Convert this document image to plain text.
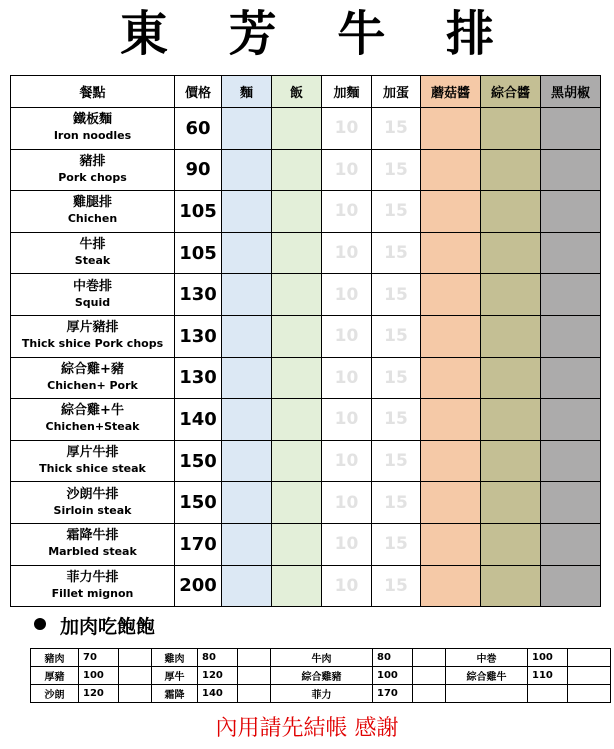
東 芳 牛 排
餐點	價格	麵	飯	加麵	加蛋	蘑菇醬	綜合醬	黑胡椒

鐵板麵
Iron noodles	60			10	15			

豬排
Pork chops	90			10	15			

雞腿排
Chichen	105			10	15			

牛排
Steak	105			10	15			

中巻排
Squid	130			10	15			

厚片豬排
Thick shice Pork chops	130			10	15			

綜合雞+豬
Chichen+ Pork	130			10	15			

綜合雞+牛
Chichen+Steak	140			10	15			

厚片牛排
Thick shice steak	150			10	15			

沙朗牛排
Sirloin steak	150			10	15			

霜降牛排
Marbled steak	170			10	15			

菲力牛排
Fillet mignon	200			10	15			
加肉吃飽飽
豬肉	70		雞肉	80		牛肉	80		中巻	100	
厚豬	100		厚牛	120		綜合雞豬	100		綜合雞牛	110	
沙朗	120		霜降	140		菲力	170				
內用請先結帳 感謝
